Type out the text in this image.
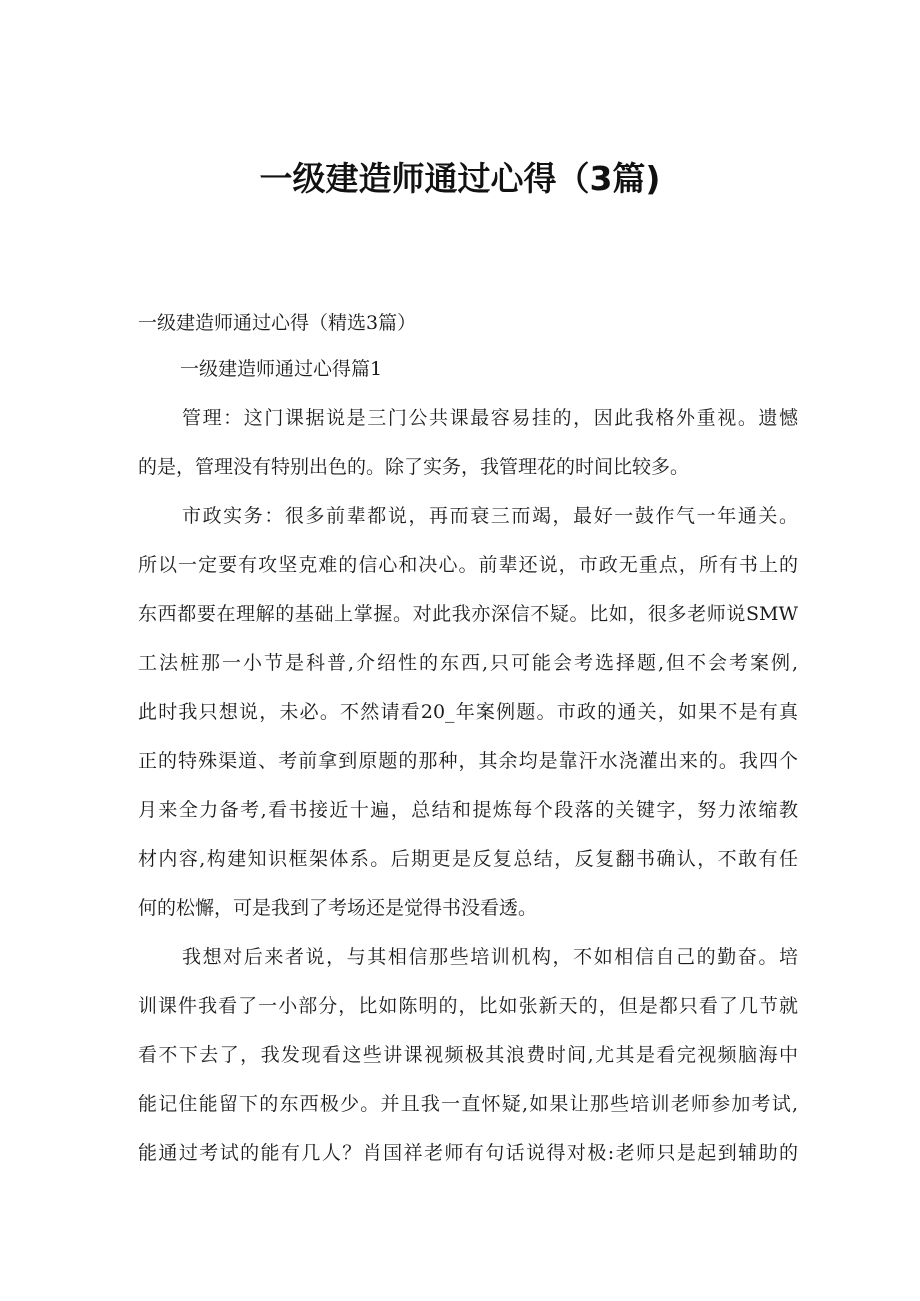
一级建造师通过心得（3篇)

一级建造师通过心得（精选3篇）

一级建造师通过心得篇1

管理：这门课据说是三门公共课最容易挂的，因此我格外重视。遗憾
的是，管理没有特别出色的。除了实务，我管理花的时间比较多。
市政实务：很多前辈都说，再而衰三而竭，最好一鼓作气一年通关。
所以一定要有攻坚克难的信心和决心。前辈还说，市政无重点，所有书上的
东西都要在理解的基础上掌握。对此我亦深信不疑。比如，很多老师说SMW
工法桩那一小节是科普,介绍性的东西,只可能会考选择题,但不会考案例,
此时我只想说，未必。不然请看20_年案例题。市政的通关，如果不是有真
正的特殊渠道、考前拿到原题的那种，其余均是靠汗水浇灌出来的。我四个
月来全力备考,看书接近十遍，总结和提炼每个段落的关键字，努力浓缩教
材内容,构建知识框架体系。后期更是反复总结，反复翻书确认，不敢有任
何的松懈，可是我到了考场还是觉得书没看透。
我想对后来者说，与其相信那些培训机构，不如相信自己的勤奋。培
训课件我看了一小部分，比如陈明的，比如张新天的，但是都只看了几节就
看不下去了，我发现看这些讲课视频极其浪费时间,尤其是看完视频脑海中
能记住能留下的东西极少。并且我一直怀疑,如果让那些培训老师参加考试,
能通过考试的能有几人？肖国祥老师有句话说得对极:老师只是起到辅助的
